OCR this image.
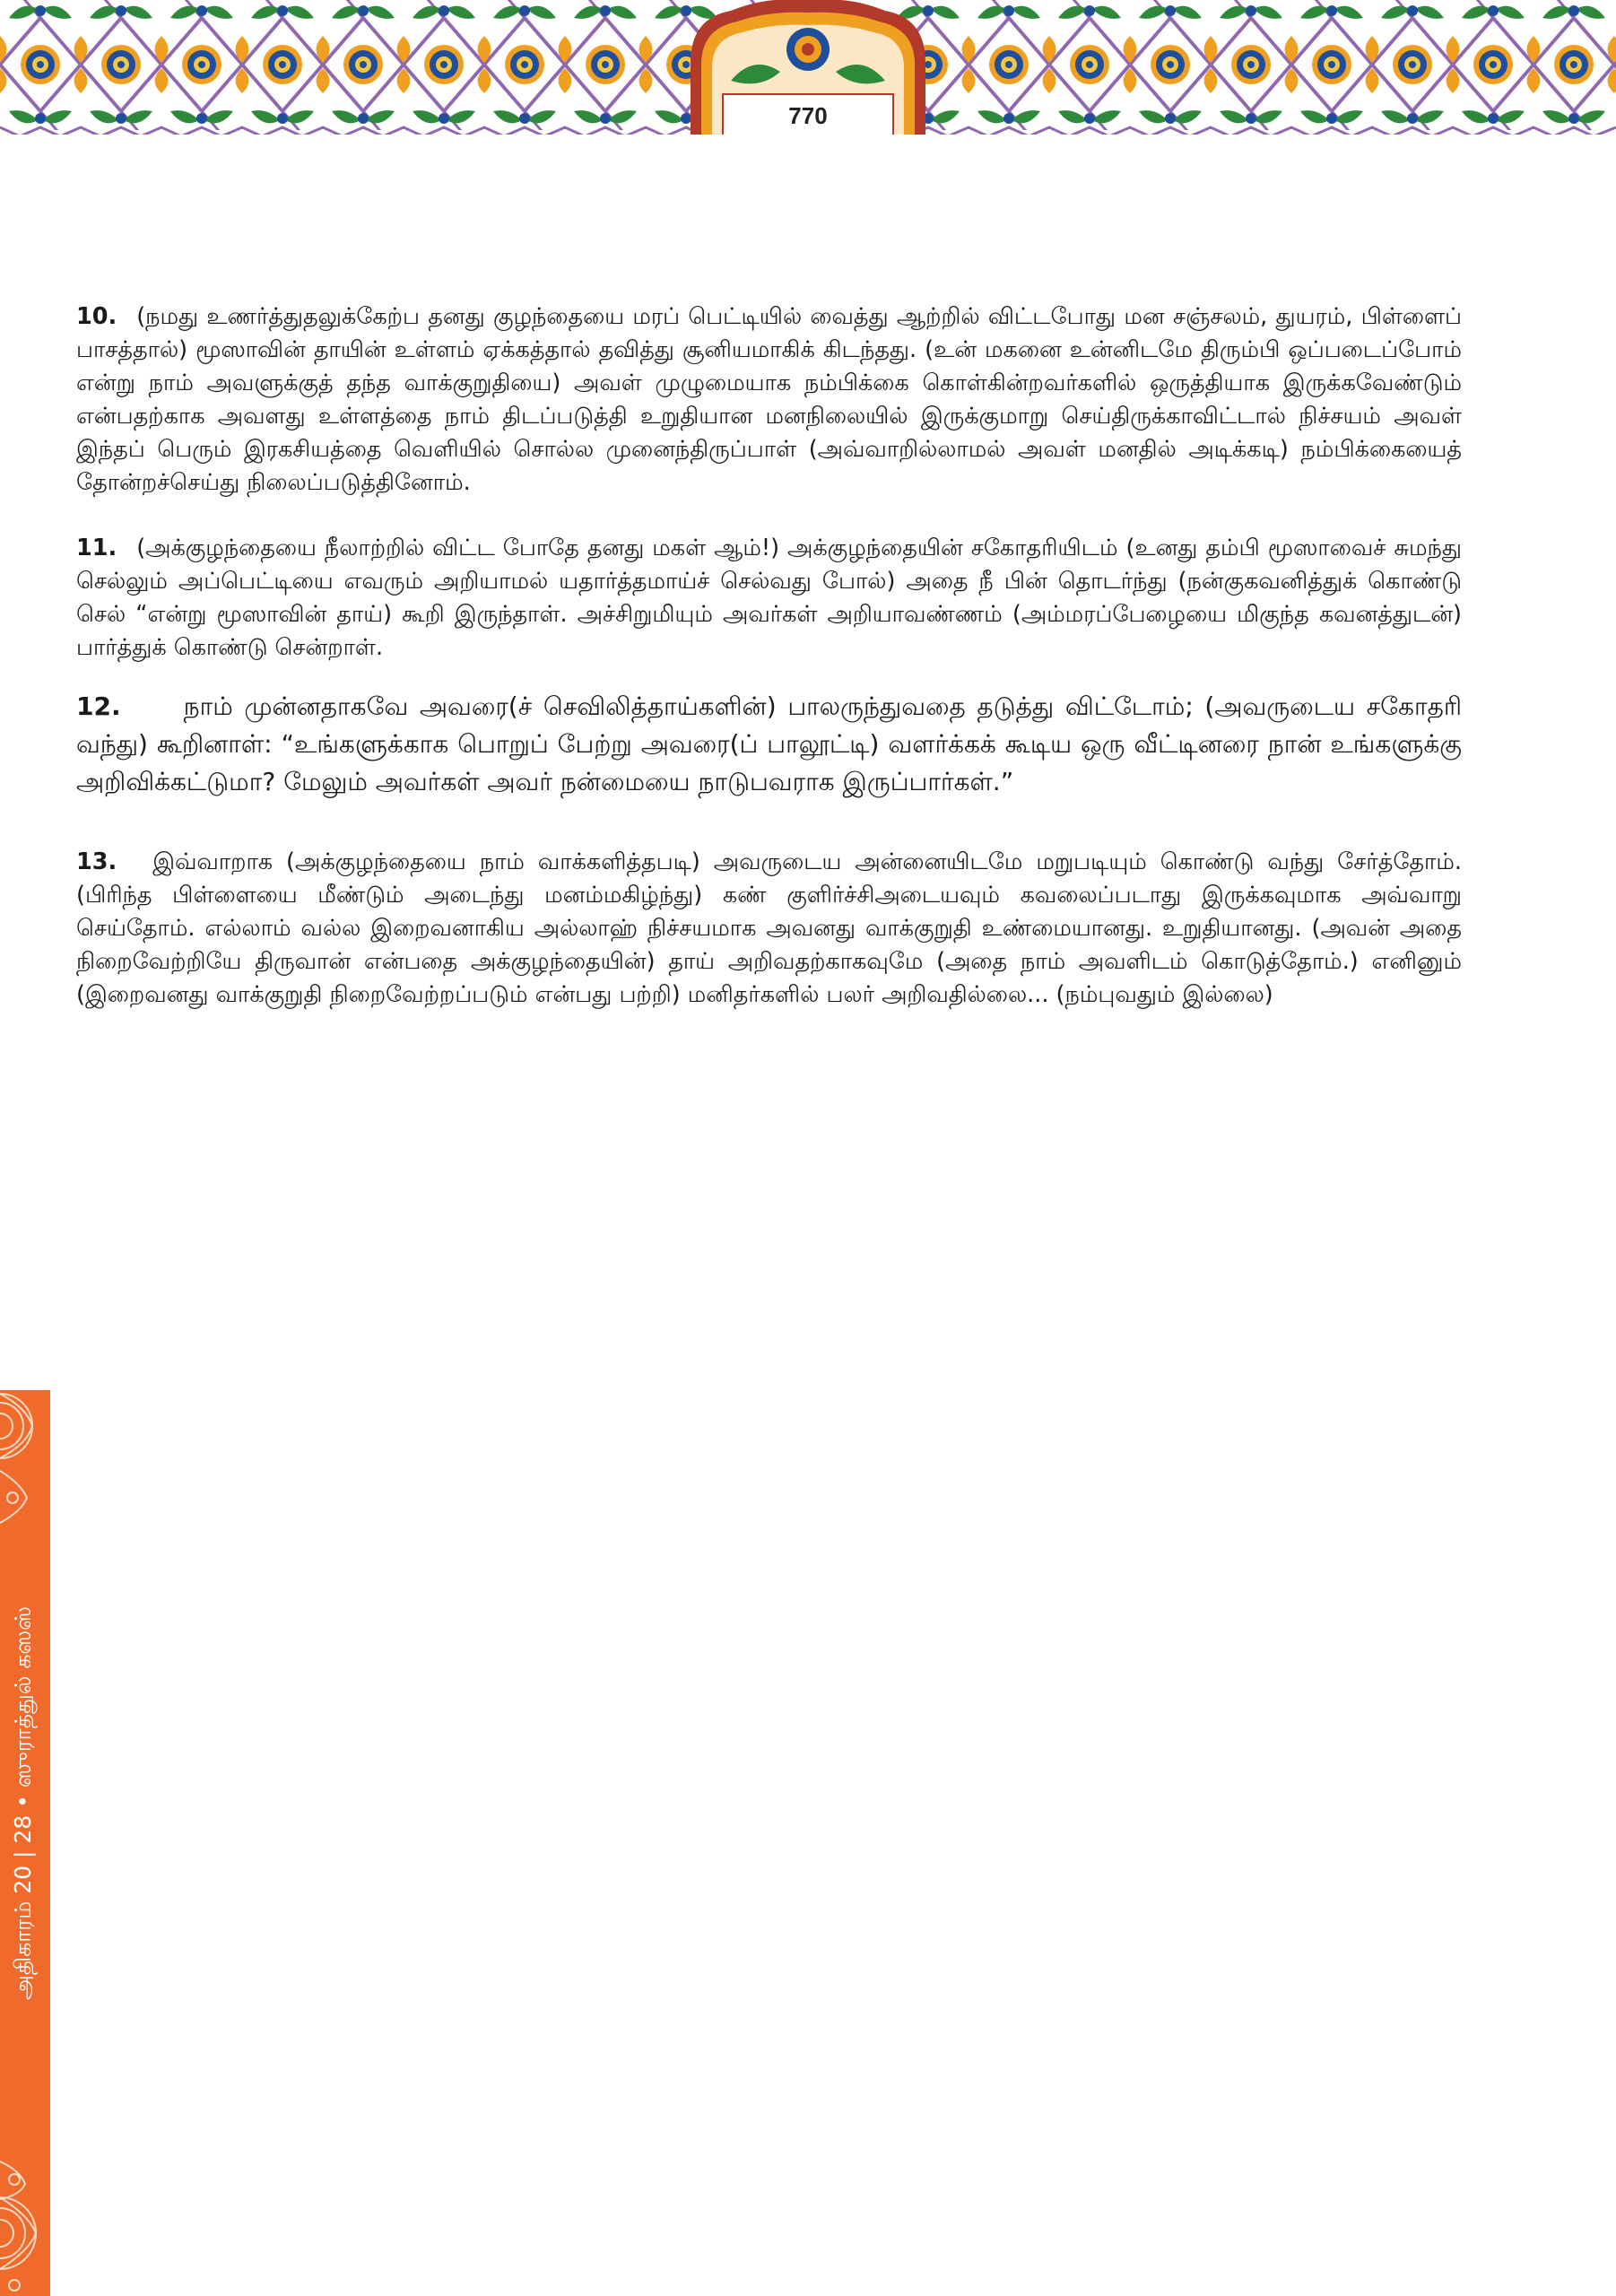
770

10. (நமது உணர்த்துதலுக்கேற்ப தனது குழந்தையை மரப் பெட்டியில் வைத்து ஆற்றில் விட்டபோது மன சஞ்சலம், துயரம், பிள்ளைப் பாசத்தால்) மூஸாவின் தாயின் உள்ளம் ஏக்கத்தால் தவித்து சூனியமாகிக் கிடந்தது. (உன் மகனை உன்னிடமே திரும்பி ஒப்படைப்போம் என்று நாம் அவளுக்குத் தந்த வாக்குறுதியை) அவள் முழுமையாக நம்பிக்கை கொள்கின்றவர்களில் ஒருத்தியாக இருக்கவேண்டும் என்பதற்காக அவளது உள்ளத்தை நாம் திடப்படுத்தி உறுதியான மனநிலையில் இருக்குமாறு செய்திருக்காவிட்டால் நிச்சயம் அவள் இந்தப் பெரும் இரகசியத்தை வெளியில் சொல்ல முனைந்திருப்பாள் (அவ்வாறில்லாமல் அவள் மனதில் அடிக்கடி) நம்பிக்கையைத் தோன்றச்செய்து நிலைப்படுத்தினோம்.

11. (அக்குழந்தையை நீலாற்றில் விட்ட போதே தனது மகள் ஆம்!) அக்குழந்தையின் சகோதரியிடம் (உனது தம்பி மூஸாவைச் சுமந்து செல்லும் அப்பெட்டியை எவரும் அறியாமல் யதார்த்தமாய்ச் செல்வது போல்) அதை நீ பின் தொடர்ந்து (நன்குகவனித்துக் கொண்டு செல் “என்று மூஸாவின் தாய்) கூறி இருந்தாள். அச்சிறுமியும் அவர்கள் அறியாவண்ணம் (அம்மரப்பேழையை மிகுந்த கவனத்துடன்) பார்த்துக் கொண்டு சென்றாள்.

12.	நாம் முன்னதாகவே அவரை(ச் செவிலித்தாய்களின்) பாலருந்துவதை தடுத்து விட்டோம்; (அவருடைய சகோதரி வந்து) கூறினாள்: “உங்களுக்காக பொறுப் பேற்று அவரை(ப் பாலூட்டி) வளர்க்கக் கூடிய ஒரு வீட்டினரை நான் உங்களுக்கு அறிவிக்கட்டுமா? மேலும் அவர்கள் அவர் நன்மையை நாடுபவராக இருப்பார்கள்.”

13. இவ்வாறாக (அக்குழந்தையை நாம் வாக்களித்தபடி) அவருடைய அன்னையிடமே மறுபடியும் கொண்டு வந்து சேர்த்தோம். (பிரிந்த பிள்ளையை மீண்டும் அடைந்து மனம்மகிழ்ந்து) கண் குளிர்ச்சிஅடையவும் கவலைப்படாது இருக்கவுமாக அவ்வாறு செய்தோம். எல்லாம் வல்ல இறைவனாகிய அல்லாஹ் நிச்சயமாக அவனது வாக்குறுதி உண்மையானது. உறுதியானது. (அவன் அதை நிறைவேற்றியே திருவான் என்பதை அக்குழந்தையின்) தாய் அறிவதற்காகவுமே (அதை நாம் அவளிடம் கொடுத்தோம்.) எனினும் (இறைவனது வாக்குறுதி நிறைவேற்றப்படும் என்பது பற்றி) மனிதர்களில் பலர் அறிவதில்லை... (நம்புவதும் இல்லை)

அதிகாரம் 20 | 28 • ஸுராத்துல் கஸஸ்
